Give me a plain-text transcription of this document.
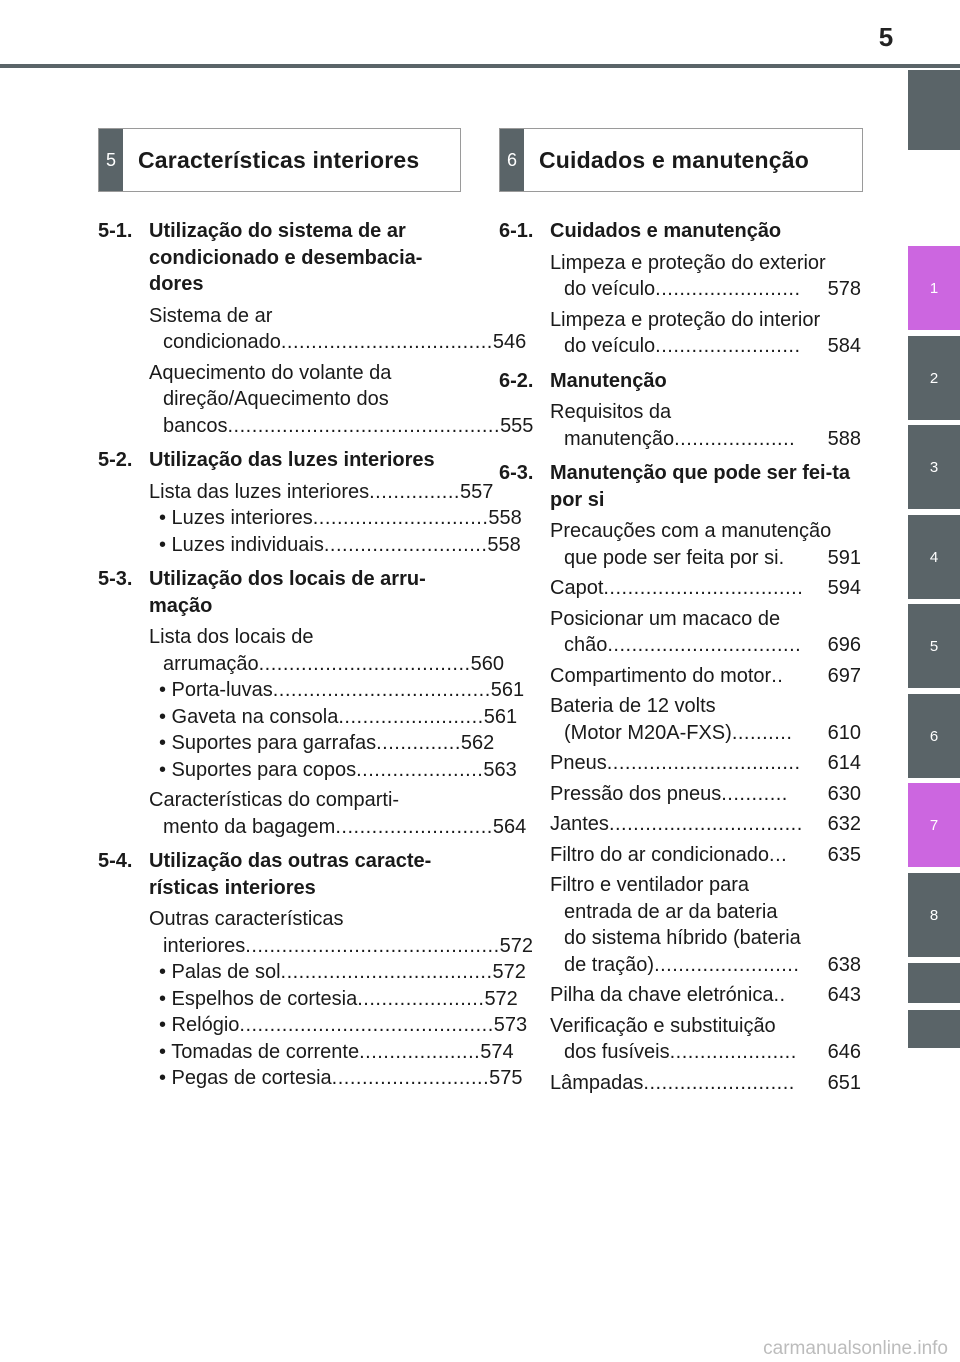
5
1
2
3
4
5
6
7
8
5 Características interiores	6 Cuidados e manutenção
5-1. Utilização do sistema de ar condicionado e desembacia-dores
Sistema de ar
condicionado ................................... 546
Aquecimento do volante da
direção/Aquecimento dos
bancos ............................................. 555
5-2. Utilização das luzes interiores
Lista das luzes interiores ............... 557
• Luzes interiores ............................. 558
• Luzes individuais ........................... 558
5-3. Utilização dos locais de arru-mação
Lista dos locais de
arrumação ................................... 560
• Porta-luvas .................................... 561
• Gaveta na consola ........................ 561
• Suportes para garrafas .............. 562
• Suportes para copos ..................... 563
Características do comparti-
mento da bagagem .......................... 564
5-4. Utilização das outras caracte-rísticas interiores
Outras características
interiores .......................................... 572
• Palas de sol ................................... 572
• Espelhos de cortesia ..................... 572
• Relógio .......................................... 573
• Tomadas de corrente .................... 574
• Pegas de cortesia .......................... 575
6-1. Cuidados e manutenção
Limpeza e proteção do exterior
do veículo ........................	578
Limpeza e proteção do interior
do veículo ........................	584
6-2. Manutenção
Requisitos da
manutenção ....................	588
6-3. Manutenção que pode ser fei-ta por si
Precauções com a manutenção
que pode ser feita por si .	591
Capot .................................	594
Posicionar um macaco de
chão ................................	696
Compartimento do motor ..	697
Bateria de 12 volts
(Motor M20A-FXS) ..........	610
Pneus ................................	614
Pressão dos pneus ...........	630
Jantes ................................	632
Filtro do ar condicionado ...	635
Filtro e ventilador para
entrada de ar da bateria
do sistema híbrido (bateria
de tração) ........................	638
Pilha da chave eletrónica ..	643
Verificação e substituição
dos fusíveis .....................	646
Lâmpadas .........................	651
carmanualsonline.info
